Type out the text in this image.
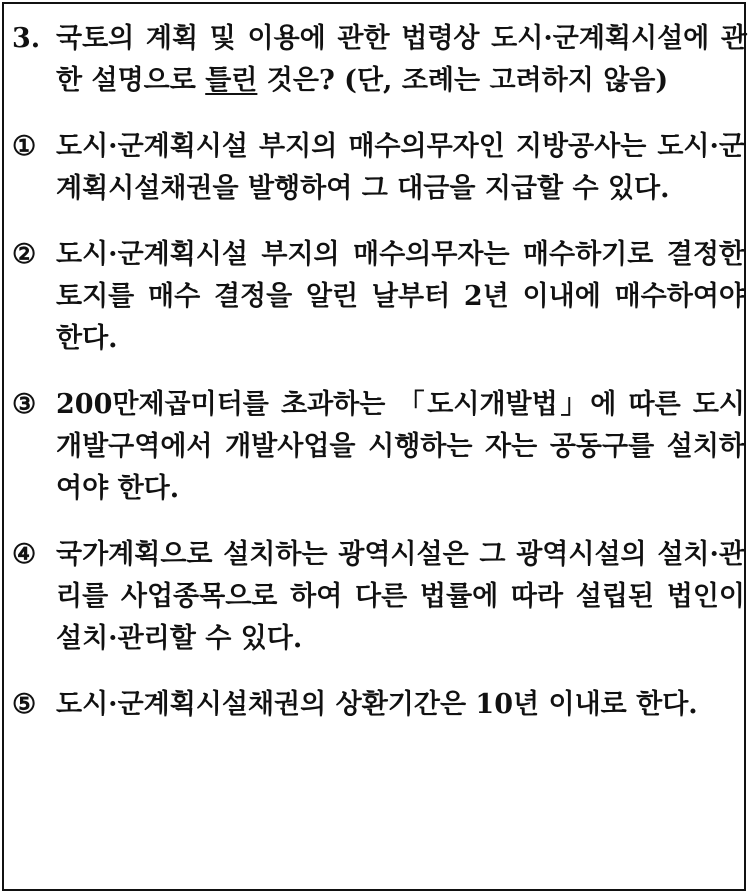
3. 국토의 계획 및 이용에 관한 법령상 도시·군계획시설에 관한 설명으로 틀린 것은? (단, 조례는 고려하지 않음)
① 도시·군계획시설 부지의 매수의무자인 지방공사는 도시·군계획시설채권을 발행하여 그 대금을 지급할 수 있다.
② 도시·군계획시설 부지의 매수의무자는 매수하기로 결정한 토지를 매수 결정을 알린 날부터 2년 이내에 매수하여야 한다.
③ 200만제곱미터를 초과하는 「도시개발법」에 따른 도시개발구역에서 개발사업을 시행하는 자는 공동구를 설치하여야 한다.
④ 국가계획으로 설치하는 광역시설은 그 광역시설의 설치·관리를 사업종목으로 하여 다른 법률에 따라 설립된 법인이 설치·관리할 수 있다.
⑤ 도시·군계획시설채권의 상환기간은 10년 이내로 한다.
